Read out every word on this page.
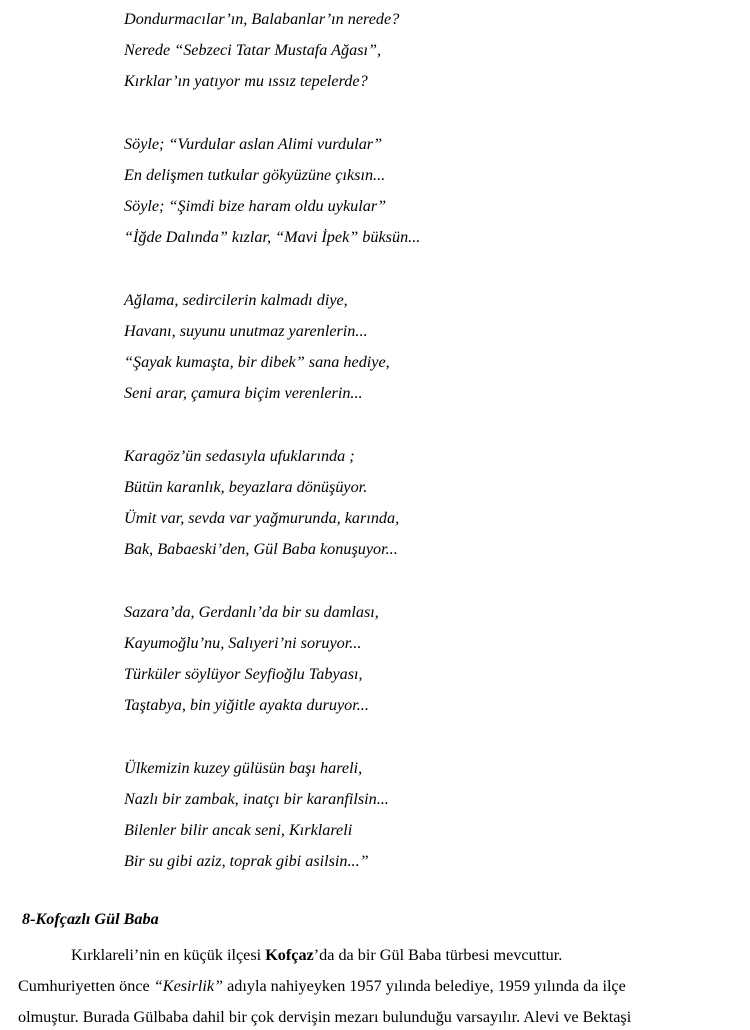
Dondurmacılar’ın, Balabanlar’ın nerede?
Nerede “Sebzeci Tatar Mustafa Ağası”,
Kırklar’ın yatıyor mu ıssız tepelerde?
Söyle; “Vurdular aslan Alimi vurdular”
En delişmen tutkular gökyüzüne çıksın...
Söyle; “Şimdi bize haram oldu uykular”
“İğde Dalında” kızlar, “Mavi İpek” büksün...
Ağlama, sedircilerin kalmadı diye,
Havanı, suyunu unutmaz yarenlerin...
“Şayak kumaşta, bir dibek” sana hediye,
Seni arar, çamura biçim verenlerin...
Karagöz’ün sedasıyla ufuklarında ;
Bütün karanlık, beyazlara dönüşüyor.
Ümit var, sevda var yağmurunda, karında,
Bak, Babaeski’den, Gül Baba konuşuyor...
Sazara’da, Gerdanlı’da bir su damlası,
Kayumoğlu’nu, Salıyeri’ni soruyor...
Türküler söylüyor Seyfioğlu Tabyası,
Taştabya, bin yiğitle ayakta duruyor...
Ülkemizin kuzey gülüsün başı hareli,
Nazlı bir zambak, inatçı bir karanfilsin...
Bilenler bilir ancak seni, Kırklareli
Bir su gibi aziz, toprak gibi asilsin...”
8-Kofçazlı Gül Baba
Kırklareli’nin en küçük ilçesi Kofçaz’da da bir Gül Baba türbesi mevcuttur.
Cumhuriyetten önce “Kesirlik” adıyla nahiyeyken 1957 yılında belediye, 1959 yılında da ilçe
olmuştur. Burada Gülbaba dahil bir çok dervişin mezarı bulunduğu varsayılır. Alevi ve Bektaşi
